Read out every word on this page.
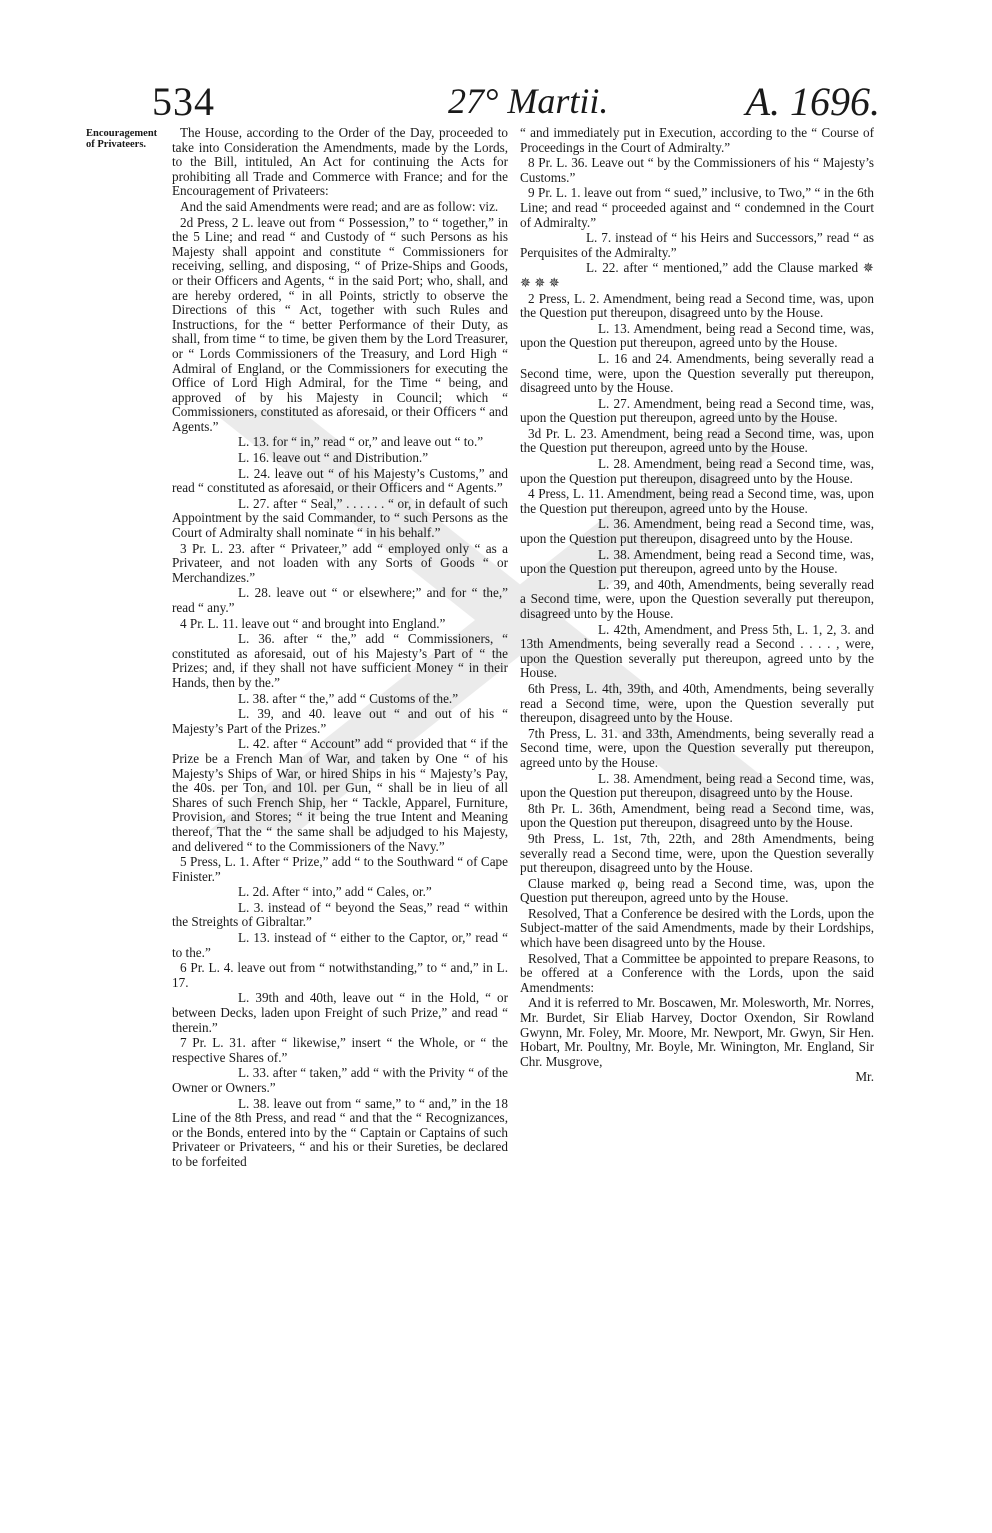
534	27° Martii.	A. 1696.
Encouragement of Privateers.

The House, according to the Order of the Day, proceeded to take into Consideration the Amendments, made by the Lords, to the Bill, intituled, An Act for continuing the Acts for prohibiting all Trade and Commerce with France; and for the Encouragement of Privateers:

And the said Amendments were read; and are as follow: viz.

2d Press, 2 L. leave out from “ Possession,” to “ together,” in the 5 Line; and read “ and Custody of “ such Persons as his Majesty shall appoint and constitute “ Commissioners for receiving, selling, and disposing, “ of Prize-Ships and Goods, or their Officers and Agents, “ in the said Port; who, shall, and are hereby ordered, “ in all Points, strictly to observe the Directions of this “ Act, together with such Rules and Instructions, for the “ better Performance of their Duty, as shall, from time “ to time, be given them by the Lord Treasurer, or “ Lords Commissioners of the Treasury, and Lord High “ Admiral of England, or the Commissioners for executing the Office of Lord High Admiral, for the Time “ being, and approved of by his Majesty in Council; which “ Commissioners, constituted as aforesaid, or their Officers “ and Agents.”

L. 13. for “ in,” read “ or,” and leave out “ to.”

L. 16. leave out “ and Distribution.”

L. 24. leave out “ of his Majesty’s Customs,” and read “ constituted as aforesaid, or their Officers and “ Agents.”

L. 27. after “ Seal,” . . . . . . “ or, in default of such Appointment by the said Commander, to “ such Persons as the Court of Admiralty shall nominate “ in his behalf.”

3 Pr. L. 23. after “ Privateer,” add “ employed only “ as a Privateer, and not loaden with any Sorts of Goods “ or Merchandizes.”

L. 28. leave out “ or elsewhere;” and for “ the,” read “ any.”

4 Pr. L. 11. leave out “ and brought into England.”

L. 36. after “ the,” add “ Commissioners, “ constituted as aforesaid, out of his Majesty’s Part of “ the Prizes; and, if they shall not have sufficient Money “ in their Hands, then by the.”

L. 38. after “ the,” add “ Customs of the.”

L. 39, and 40. leave out “ and out of his “ Majesty’s Part of the Prizes.”

L. 42. after “ Account” add “ provided that “ if the Prize be a French Man of War, and taken by One “ of his Majesty’s Ships of War, or hired Ships in his “ Majesty’s Pay, the 40s. per Ton, and 10l. per Gun, “ shall be in lieu of all Shares of such French Ship, her “ Tackle, Apparel, Furniture, Provision, and Stores; “ it being the true Intent and Meaning thereof, That the “ the same shall be adjudged to his Majesty, and delivered “ to the Commissioners of the Navy.”

5 Press, L. 1. After “ Prize,” add “ to the Southward “ of Cape Finister.”

L. 2d. After “ into,” add “ Cales, or.”

L. 3. instead of “ beyond the Seas,” read “ within the Streights of Gibraltar.”

L. 13. instead of “ either to the Captor, or,” read “ to the.”

6 Pr. L. 4. leave out from “ notwithstanding,” to “ and,” in L. 17.

L. 39th and 40th, leave out “ in the Hold, “ or between Decks, laden upon Freight of such Prize,” and read “ therein.”

7 Pr. L. 31. after “ likewise,” insert “ the Whole, or “ the respective Shares of.”

L. 33. after “ taken,” add “ with the Privity “ of the Owner or Owners.”

L. 38. leave out from “ same,” to “ and,” in the 18 Line of the 8th Press, and read “ and that the “ Recognizances, or the Bonds, entered into by the “ Captain or Captains of such Privateer or Privateers, “ and his or their Sureties, be declared to be forfeited

“ and immediately put in Execution, according to the “ Course of Proceedings in the Court of Admiralty.”

8 Pr. L. 36. Leave out “ by the Commissioners of his “ Majesty’s Customs.”

9 Pr. L. 1. leave out from “ sued,” inclusive, to Two,” “ in the 6th Line; and read “ proceeded against and “ condemned in the Court of Admiralty.”

L. 7. instead of “ his Heirs and Successors,” read “ as Perquisites of the Admiralty.”

L. 22. after “ mentioned,” add the Clause marked ✵ ✵ ✵ ✵

2 Press, L. 2. Amendment, being read a Second time, was, upon the Question put thereupon, disagreed unto by the House.

L. 13. Amendment, being read a Second time, was, upon the Question put thereupon, agreed unto by the House.

L. 16 and 24. Amendments, being severally read a Second time, were, upon the Question severally put thereupon, disagreed unto by the House.

L. 27. Amendment, being read a Second time, was, upon the Question put thereupon, agreed unto by the House.

3d Pr. L. 23. Amendment, being read a Second time, was, upon the Question put thereupon, agreed unto by the House.

L. 28. Amendment, being read a Second time, was, upon the Question put thereupon, disagreed unto by the House.

4 Press, L. 11. Amendment, being read a Second time, was, upon the Question put thereupon, agreed unto by the House.

L. 36. Amendment, being read a Second time, was, upon the Question put thereupon, disagreed unto by the House.

L. 38. Amendment, being read a Second time, was, upon the Question put thereupon, agreed unto by the House.

L. 39, and 40th, Amendments, being severally read a Second time, were, upon the Question severally put thereupon, disagreed unto by the House.

L. 42th, Amendment, and Press 5th, L. 1, 2, 3. and 13th Amendments, being severally read a Second . . . . , were, upon the Question severally put thereupon, agreed unto by the House.

6th Press, L. 4th, 39th, and 40th, Amendments, being severally read a Second time, were, upon the Question severally put thereupon, disagreed unto by the House.

7th Press, L. 31. and 33th, Amendments, being severally read a Second time, were, upon the Question severally put thereupon, agreed unto by the House.

L. 38. Amendment, being read a Second time, was, upon the Question put thereupon, disagreed unto by the House.

8th Pr. L. 36th, Amendment, being read a Second time, was, upon the Question put thereupon, disagreed unto by the House.

9th Press, L. 1st, 7th, 22th, and 28th Amendments, being severally read a Second time, were, upon the Question severally put thereupon, disagreed unto by the House.

Clause marked φ, being read a Second time, was, upon the Question put thereupon, agreed unto by the House.

Resolved, That a Conference be desired with the Lords, upon the Subject-matter of the said Amendments, made by their Lordships, which have been disagreed unto by the House.

Resolved, That a Committee be appointed to prepare Reasons, to be offered at a Conference with the Lords, upon the said Amendments:

And it is referred to Mr. Boscawen, Mr. Molesworth, Mr. Norres, Mr. Burdet, Sir Eliab Harvey, Doctor Oxendon, Sir Rowland Gwynn, Mr. Foley, Mr. Moore, Mr. Newport, Mr. Gwyn, Sir Hen. Hobart, Mr. Poultny, Mr. Boyle, Mr. Winington, Mr. England, Sir Chr. Musgrove,

Mr.
